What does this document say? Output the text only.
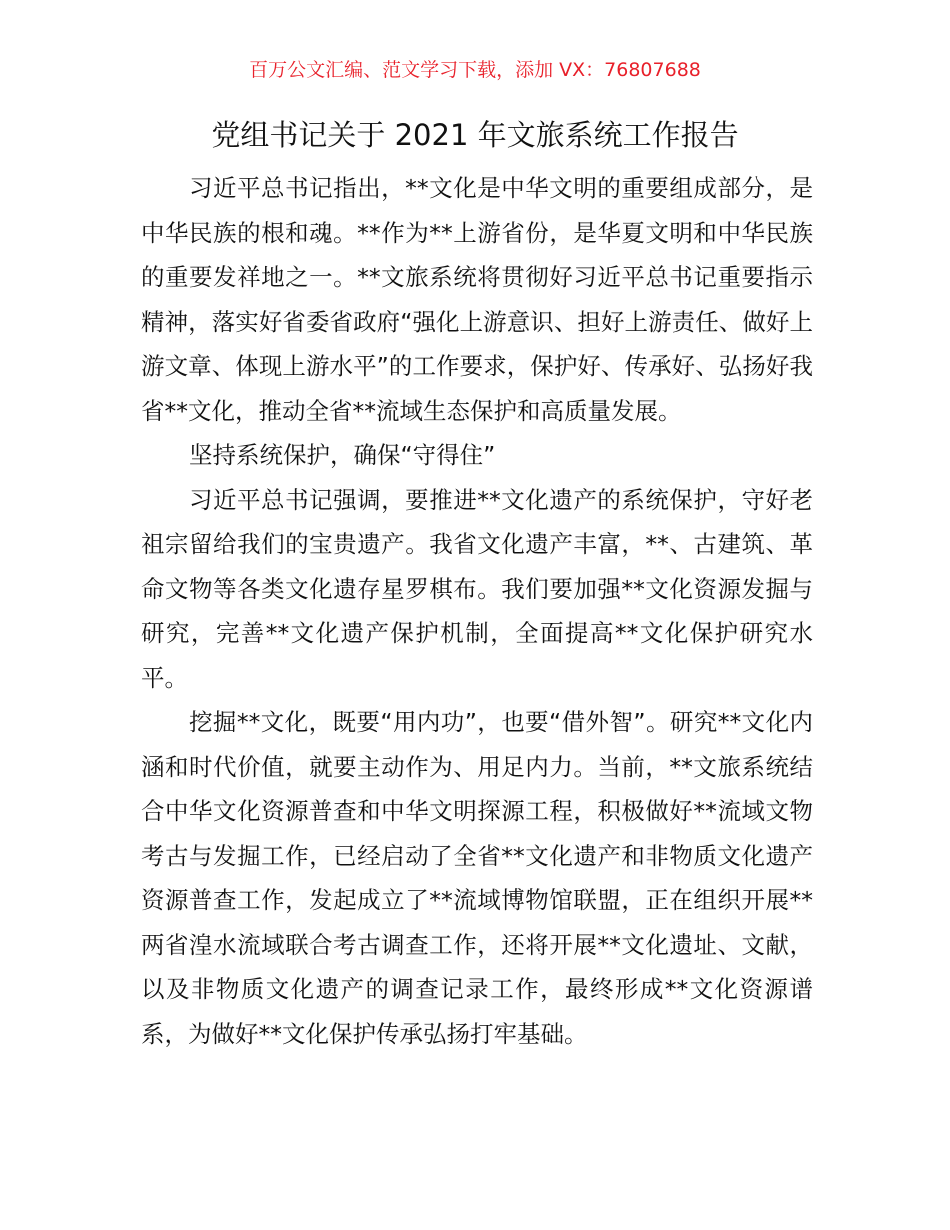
百万公文汇编、范文学习下载，添加 VX：76807688
党组书记关于 2021 年文旅系统工作报告

习近平总书记指出，**文化是中华文明的重要组成部分，是中华民族的根和魂。**作为**上游省份，是华夏文明和中华民族的重要发祥地之一。**文旅系统将贯彻好习近平总书记重要指示精神，落实好省委省政府“强化上游意识、担好上游责任、做好上游文章、体现上游水平”的工作要求，保护好、传承好、弘扬好我省**文化，推动全省**流域生态保护和高质量发展。

坚持系统保护，确保“守得住”

习近平总书记强调，要推进**文化遗产的系统保护，守好老祖宗留给我们的宝贵遗产。我省文化遗产丰富，**、古建筑、革命文物等各类文化遗存星罗棋布。我们要加强**文化资源发掘与研究，完善**文化遗产保护机制，全面提高**文化保护研究水平。

挖掘**文化，既要“用内功”，也要“借外智”。研究**文化内涵和时代价值，就要主动作为、用足内力。当前，**文旅系统结合中华文化资源普查和中华文明探源工程，积极做好**流域文物考古与发掘工作，已经启动了全省**文化遗产和非物质文化遗产资源普查工作，发起成立了**流域博物馆联盟，正在组织开展**两省湟水流域联合考古调查工作，还将开展**文化遗址、文献，以及非物质文化遗产的调查记录工作，最终形成**文化资源谱系，为做好**文化保护传承弘扬打牢基础。
